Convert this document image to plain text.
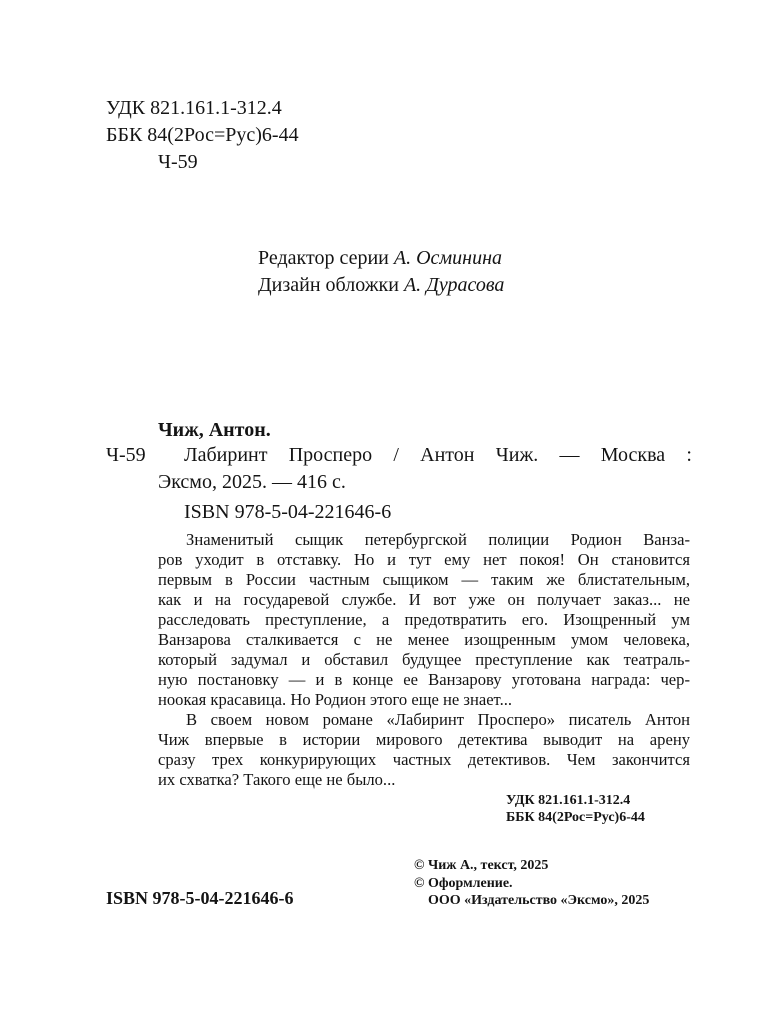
УДК 821.161.1-312.4
ББК 84(2Рос=Рус)6-44
Ч-59
Редактор серии А. Осминина
Дизайн обложки А. Дурасова
Чиж, Антон.
Ч-59 Лабиринт Просперо / Антон Чиж. — Москва :
Эксмо, 2025. — 416 с.
ISBN 978-5-04-221646-6
Знаменитый сыщик петербургской полиции Родион Ванза-
ров уходит в отставку. Но и тут ему нет покоя! Он становится
первым в России частным сыщиком — таким же блистательным,
как и на государевой службе. И вот уже он получает заказ... не
расследовать преступление, а предотвратить его. Изощренный ум
Ванзарова сталкивается с не менее изощренным умом человека,
который задумал и обставил будущее преступление как театраль-
ную постановку — и в конце ее Ванзарову уготована награда: чер-
ноокая красавица. Но Родион этого еще не знает...
В своем новом романе «Лабиринт Просперо» писатель Антон
Чиж впервые в истории мирового детектива выводит на арену
сразу трех конкурирующих частных детективов. Чем закончится
их схватка? Такого еще не было...
УДК 821.161.1-312.4
ББК 84(2Рос=Рус)6-44
© Чиж А., текст, 2025
© Оформление.
ООО «Издательство «Эксмо», 2025
ISBN 978-5-04-221646-6
